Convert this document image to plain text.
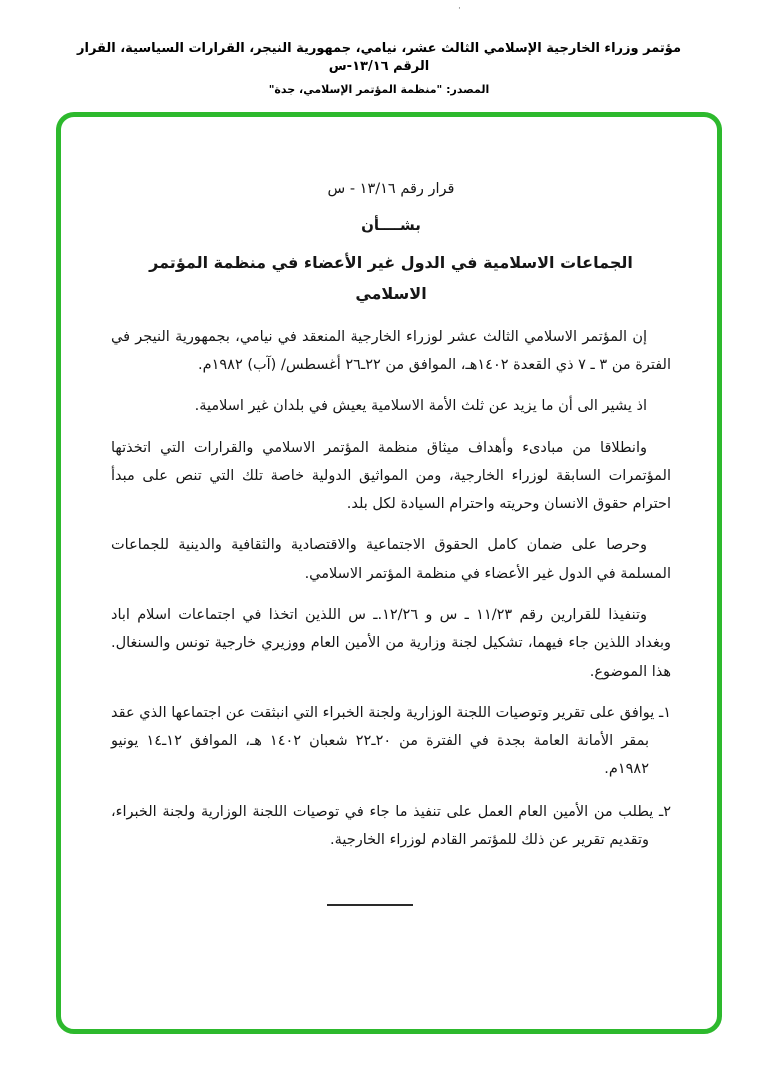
·
مؤتمر وزراء الخارجية الإسلامي الثالث عشر، نيامي، جمهورية النيجر، القرارات السياسية، القرار الرقم ١٣/١٦-س
المصدر: "منظمة المؤتمر الإسلامي، جدة"

قرار رقم ١٣/١٦ - س

بشــــأن

الجماعات الاسلامية في الدول غير الأعضاء في منظمة المؤتمر الاسلامي

إن المؤتمر الاسلامي الثالث عشر لوزراء الخارجية المنعقد في نيامي، بجمهورية النيجر في الفترة من ٣ ـ ٧ ذي القعدة ١٤٠٢هـ، الموافق من ٢٢ـ٢٦ أغسطس/ (آب) ١٩٨٢م.

اذ يشير الى أن ما يزيد عن ثلث الأمة الاسلامية يعيش في بلدان غير اسلامية.

وانطلاقا من مبادىء وأهداف ميثاق منظمة المؤتمر الاسلامي والقرارات التي اتخذتها المؤتمرات السابقة لوزراء الخارجية، ومن المواثيق الدولية خاصة تلك التي تنص على مبدأ احترام حقوق الانسان وحريته واحترام السيادة لكل بلد.

وحرصا على ضمان كامل الحقوق الاجتماعية والاقتصادية والثقافية والدينية للجماعات المسلمة في الدول غير الأعضاء في منظمة المؤتمر الاسلامي.

وتنفيذا للقرارين رقم ١١/٢٣ ـ س و ١٢/٢٦.ـ س اللذين اتخذا في اجتماعات اسلام اباد وبغداد اللذين جاء فيهما، تشكيل لجنة وزارية من الأمين العام ووزيري خارجية تونس والسنغال. هذا الموضوع.

١ـ يوافق على تقرير وتوصيات اللجنة الوزارية ولجنة الخبراء التي انبثقت عن اجتماعها الذي عقد بمقر الأمانة العامة بجدة في الفترة من ٢٠ـ٢٢ شعبان ١٤٠٢ هـ، الموافق ١٢ـ١٤ يونيو ١٩٨٢م.
٢ـ يطلب من الأمين العام العمل على تنفيذ ما جاء في توصيات اللجنة الوزارية ولجنة الخبراء، وتقديم تقرير عن ذلك للمؤتمر القادم لوزراء الخارجية.
